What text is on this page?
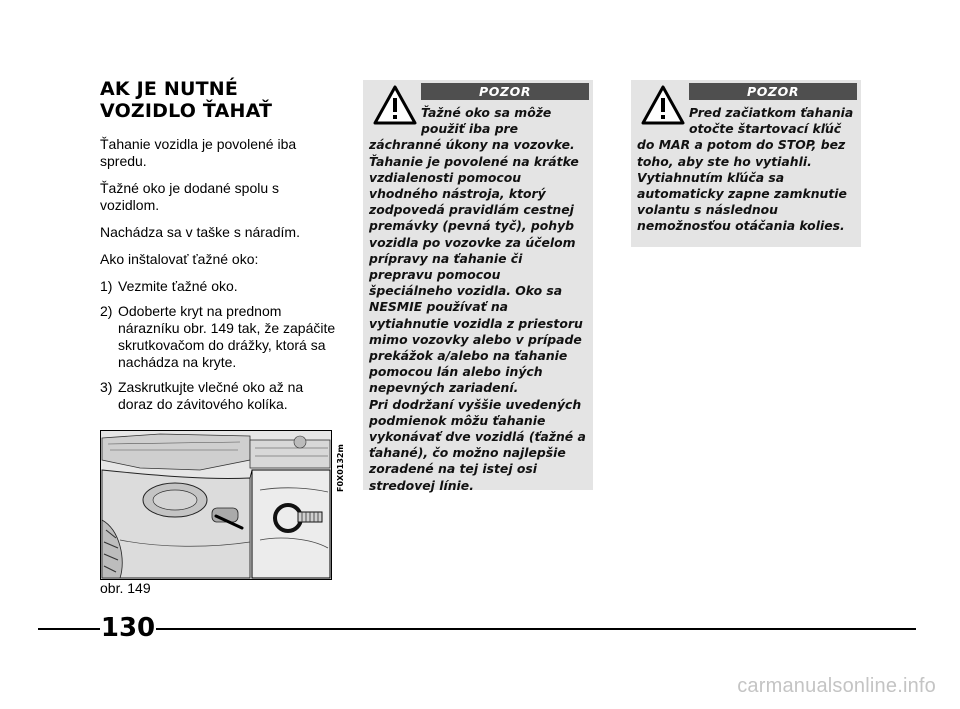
AK JE NUTNÉ
VOZIDLO ŤAHAŤ

Ťahanie vozidla je povolené iba spredu.

Ťažné oko je dodané spolu s vozidlom.

Nachádza sa v taške s náradím.

Ako inštalovať ťažné oko:

1) Vezmite ťažné oko.
2) Odoberte kryt na prednom nárazníku obr. 149 tak, že zapáčite skrutkovačom do drážky, ktorá sa nachádza na kryte.
3) Zaskrutkujte vlečné oko až na doraz do závitového kolíka.
F0X0132m

obr. 149

POZOR

Ťažné oko sa môže použiť iba pre

záchranné úkony na vozovke. Ťahanie je povolené na krátke vzdialenosti pomocou vhodného nástroja, ktorý zodpovedá pravidlám cestnej premávky (pevná tyč), pohyb vozidla po vozovke za účelom prípravy na ťahanie či prepravu pomocou špeciálneho vozidla. Oko sa NESMIE používať na vytiahnutie vozidla z priestoru mimo vozovky alebo v prípade prekážok a/alebo na ťahanie pomocou lán alebo iných nepevných zariadení.

Pri dodržaní vyššie uvedených podmienok môžu ťahanie vykonávať dve vozidlá (ťažné a ťahané), čo možno najlepšie zoradené na tej istej osi stredovej línie.

POZOR

Pred začiatkom ťahania otočte štartovací kľúč

do MAR a potom do STOP, bez toho, aby ste ho vytiahli. Vytiahnutím kľúča sa automaticky zapne zamknutie volantu s následnou nemožnosťou otáčania kolies.

130
carmanualsonline.info
